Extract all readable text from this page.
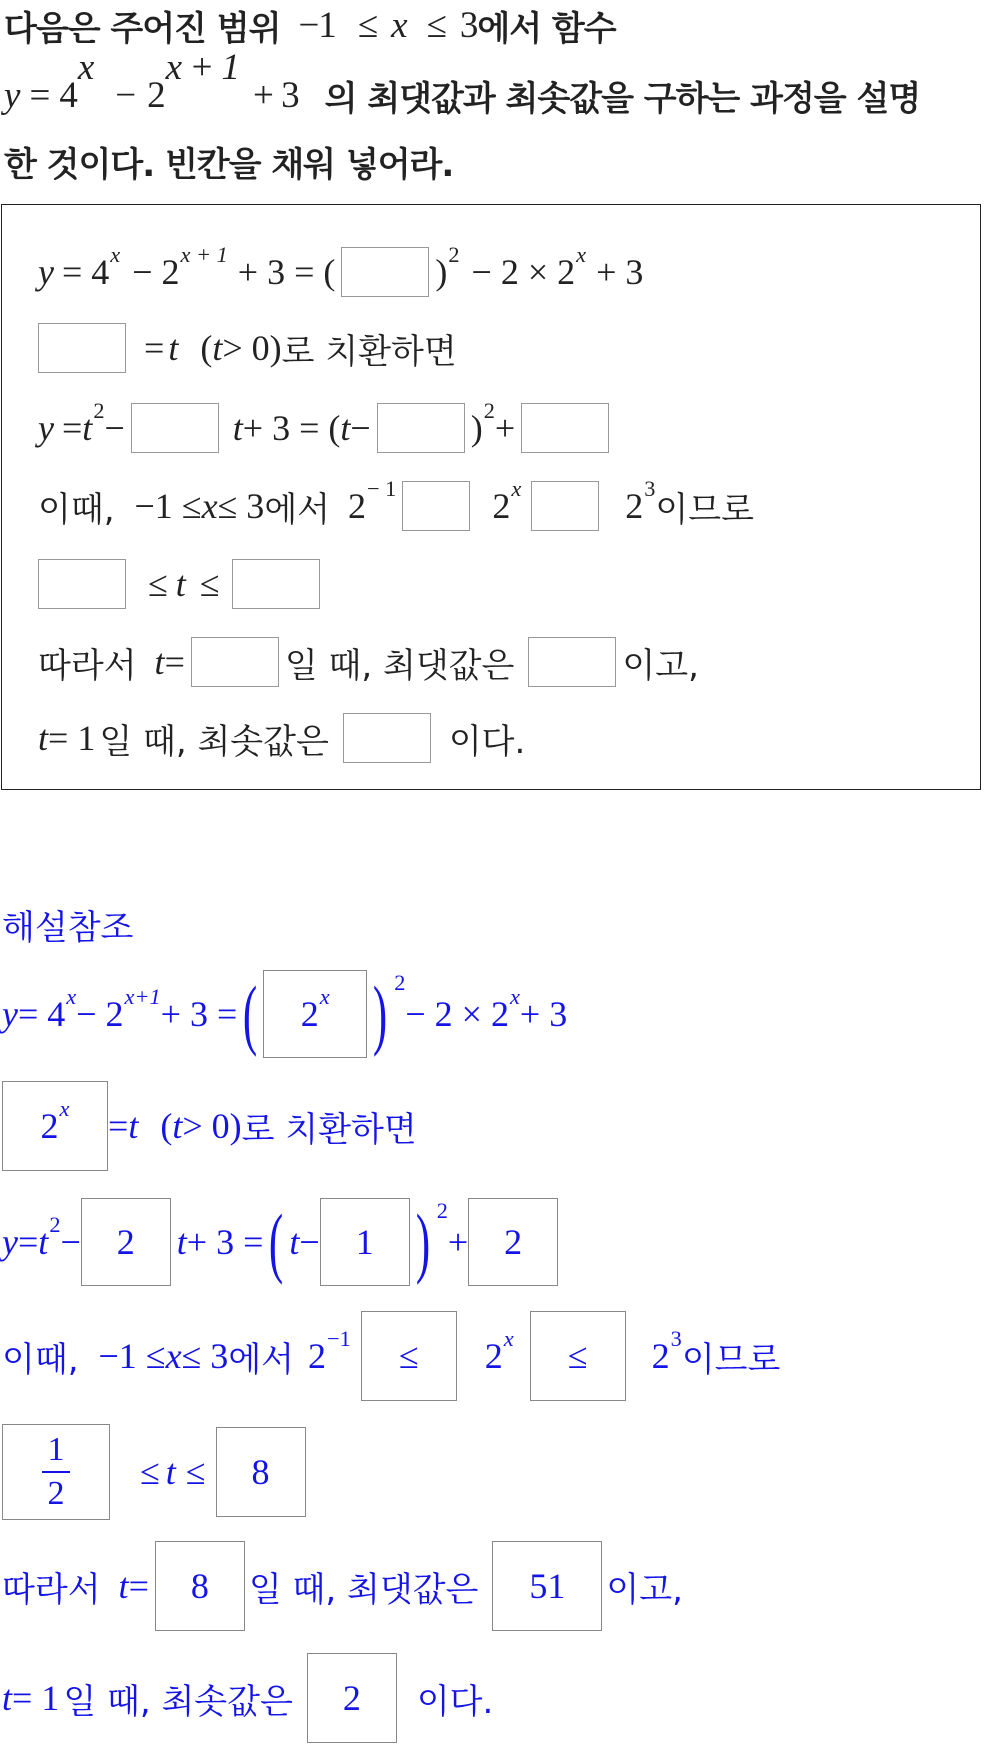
다음은 주어진 범위 −1 ≤ x ≤ 3 에서 함수
y = 4
$^x$
− 2
$^{x + 1}$
+ 3 의 최댓값과 최솟값을 구하는 과정을 설명
한 것이다. 빈칸을 채워 넣어라.
$y = 4^x - 2^{x + 1} + 3$ = (	)$^2 - 2 \times 2^x + 3$
= t ( t > 0) 로 치환하면
$y = t^2$ −	t + 3 = ( t −	)$^2$ +
이때, −1 ≤ x ≤ 3 에서 $2^{- 1}$	2$^x$	$2^3$
이므로
≤ t ≤
따라서 t =	일 때, 최댓값은	이고,
t = 1 일 때, 최솟값은	이다.
해설참조
$y = 4^x - 2^{x+1} + 3$ = ( 2$^x$ ) $^2$
− $2 \times 2^x + 3$
$2^x = t$ ( t > 0) 로 치환하면
$y = t^2$ −	2	t + 3 = ( t −	1 ) $^2$
+	2
이때, −1 ≤ x ≤ 3 에서 $2^{-1}$	≤	$2^x$	≤	$2^3$
이므로
$\frac{1}{2} \le t$ ≤	8
따라서 t =	8	일 때, 최댓값은	51	이고,
t = 1 일 때, 최솟값은	2	이다.
